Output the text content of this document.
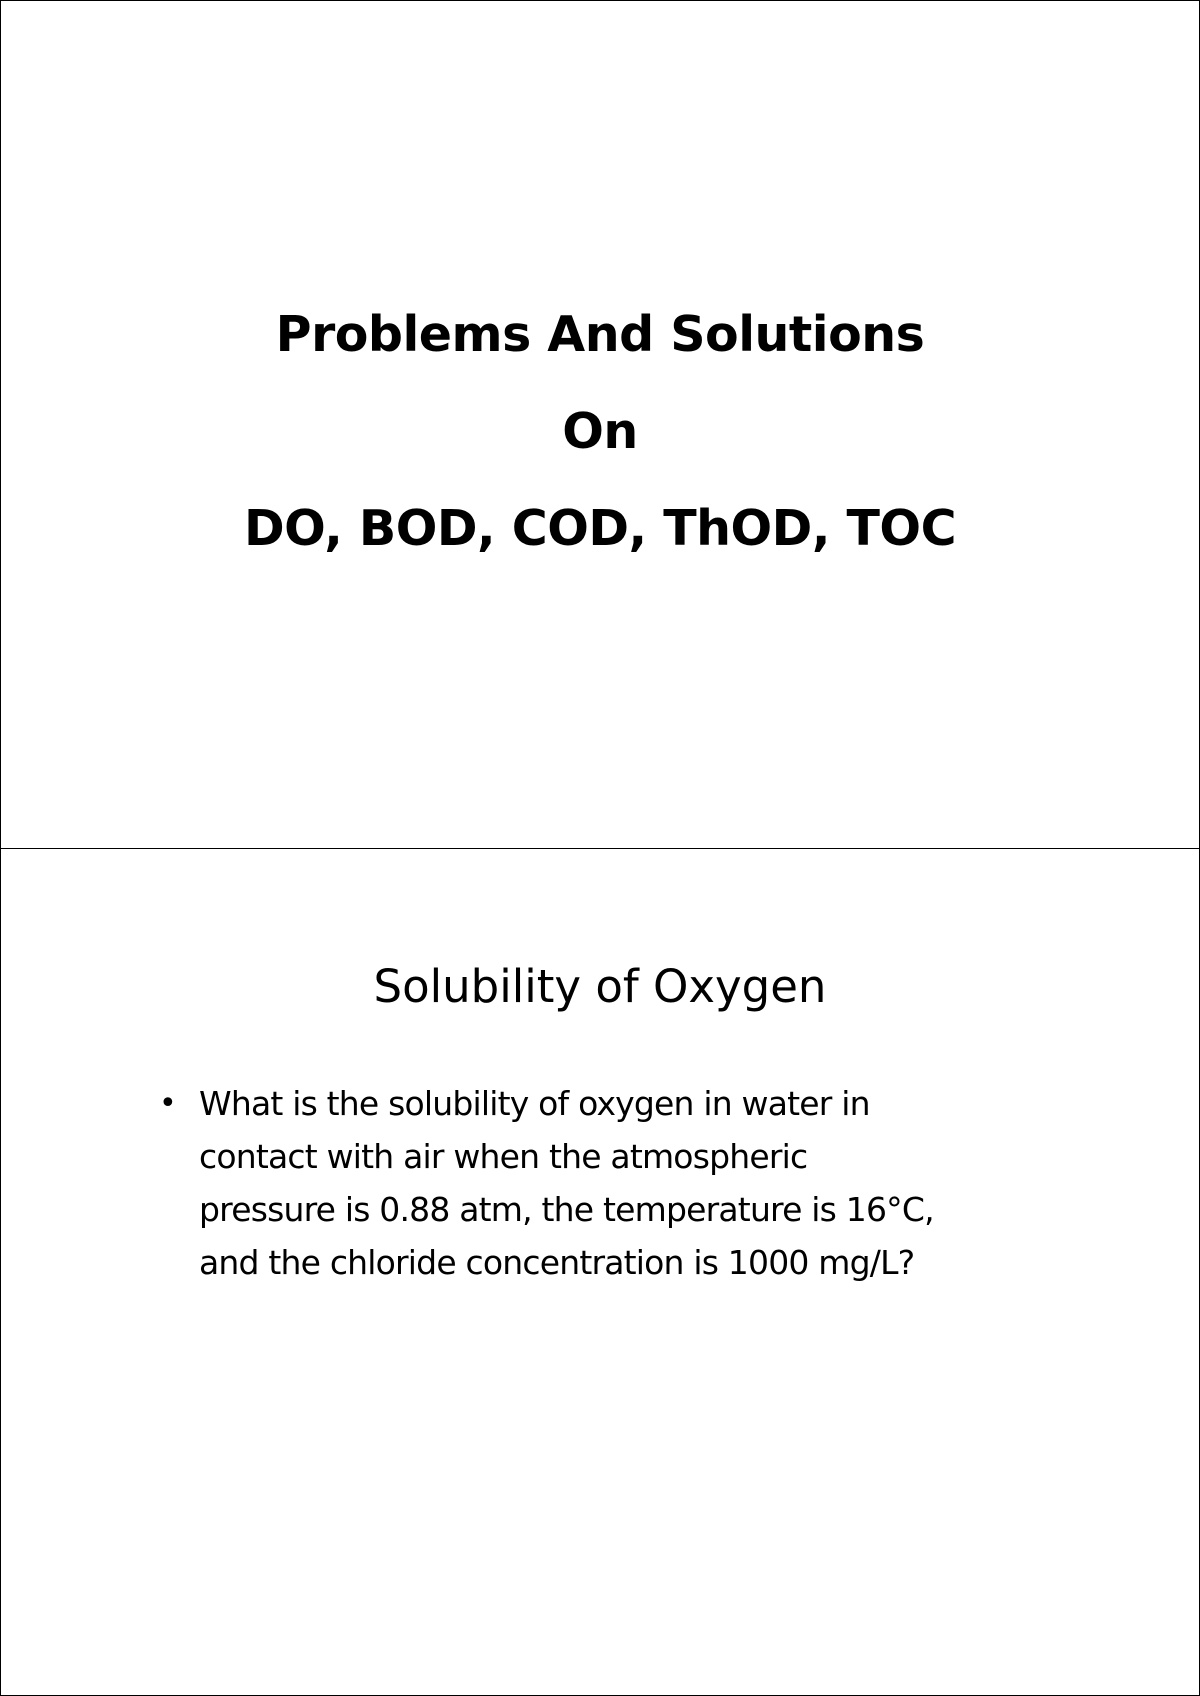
Problems And Solutions
On
DO, BOD, COD, ThOD, TOC
Solubility of Oxygen
• What is the solubility of oxygen in water in
contact with air when the atmospheric
pressure is 0.88 atm, the temperature is 16°C,
and the chloride concentration is 1000 mg/L?
